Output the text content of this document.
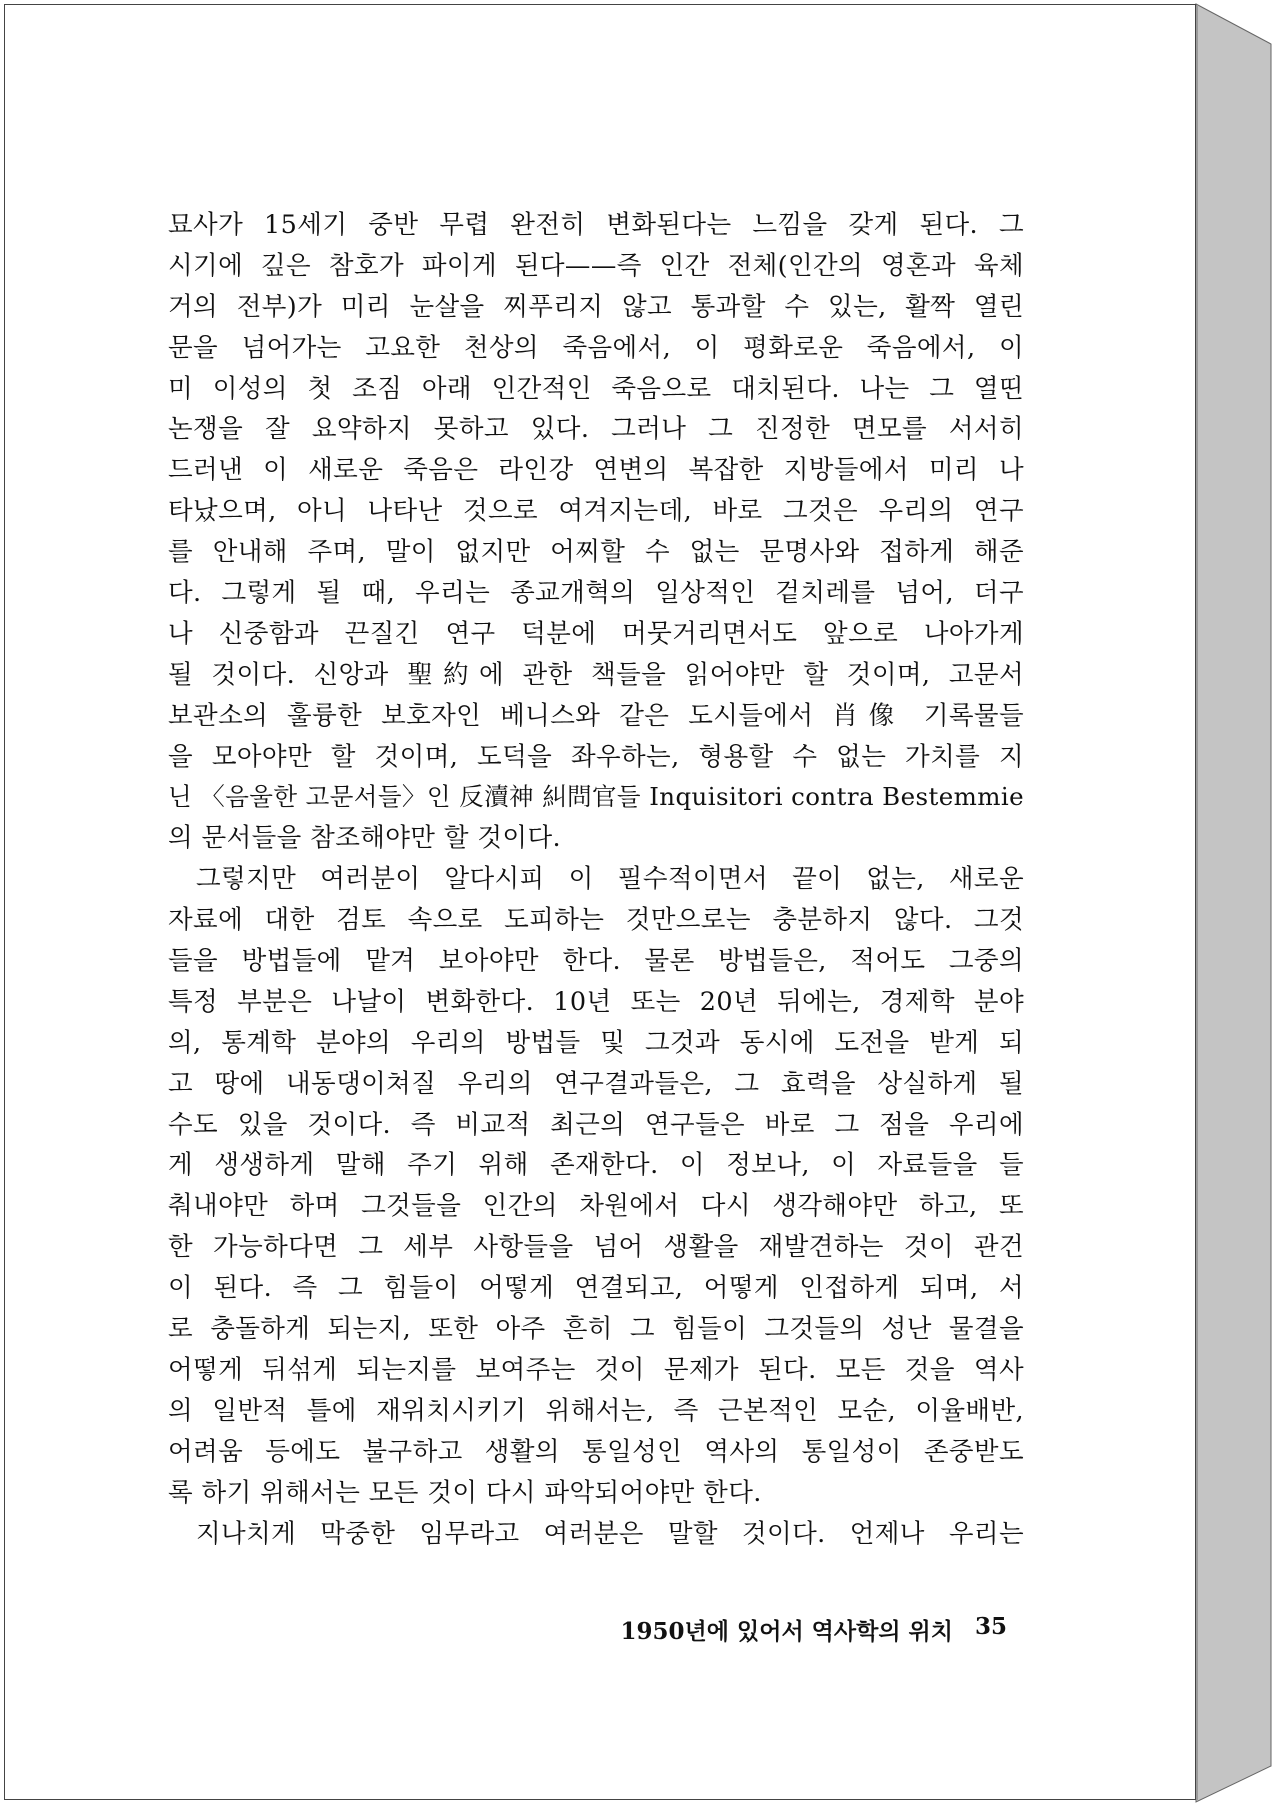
묘사가 15세기 중반 무렵 완전히 변화된다는 느낌을 갖게 된다. 그
시기에 깊은 참호가 파이게 된다——즉 인간 전체(인간의 영혼과 육체
거의 전부)가 미리 눈살을 찌푸리지 않고 통과할 수 있는, 활짝 열린
문을 넘어가는 고요한 천상의 죽음에서, 이 평화로운 죽음에서, 이
미 이성의 첫 조짐 아래 인간적인 죽음으로 대치된다. 나는 그 열띤
논쟁을 잘 요약하지 못하고 있다. 그러나 그 진정한 면모를 서서히
드러낸 이 새로운 죽음은 라인강 연변의 복잡한 지방들에서 미리 나
타났으며, 아니 나타난 것으로 여겨지는데, 바로 그것은 우리의 연구
를 안내해 주며, 말이 없지만 어찌할 수 없는 문명사와 접하게 해준
다. 그렇게 될 때, 우리는 종교개혁의 일상적인 겉치레를 넘어, 더구
나 신중함과 끈질긴 연구 덕분에 머뭇거리면서도 앞으로 나아가게
될 것이다. 신앙과 聖約에 관한 책들을 읽어야만 할 것이며, 고문서
보관소의 훌륭한 보호자인 베니스와 같은 도시들에서 肖像 기록물들
을 모아야만 할 것이며, 도덕을 좌우하는, 형용할 수 없는 가치를 지
닌 〈음울한 고문서들〉인 反瀆神 糾問官들 Inquisitori contra Bestemmie
의 문서들을 참조해야만 할 것이다.
그렇지만 여러분이 알다시피 이 필수적이면서 끝이 없는, 새로운
자료에 대한 검토 속으로 도피하는 것만으로는 충분하지 않다. 그것
들을 방법들에 맡겨 보아야만 한다. 물론 방법들은, 적어도 그중의
특정 부분은 나날이 변화한다. 10년 또는 20년 뒤에는, 경제학 분야
의, 통계학 분야의 우리의 방법들 및 그것과 동시에 도전을 받게 되
고 땅에 내동댕이쳐질 우리의 연구결과들은, 그 효력을 상실하게 될
수도 있을 것이다. 즉 비교적 최근의 연구들은 바로 그 점을 우리에
게 생생하게 말해 주기 위해 존재한다. 이 정보나, 이 자료들을 들
춰내야만 하며 그것들을 인간의 차원에서 다시 생각해야만 하고, 또
한 가능하다면 그 세부 사항들을 넘어 생활을 재발견하는 것이 관건
이 된다. 즉 그 힘들이 어떻게 연결되고, 어떻게 인접하게 되며, 서
로 충돌하게 되는지, 또한 아주 흔히 그 힘들이 그것들의 성난 물결을
어떻게 뒤섞게 되는지를 보여주는 것이 문제가 된다. 모든 것을 역사
의 일반적 틀에 재위치시키기 위해서는, 즉 근본적인 모순, 이율배반,
어려움 등에도 불구하고 생활의 통일성인 역사의 통일성이 존중받도
록 하기 위해서는 모든 것이 다시 파악되어야만 한다.
지나치게 막중한 임무라고 여러분은 말할 것이다. 언제나 우리는
1950년에 있어서 역사학의 위치 35
